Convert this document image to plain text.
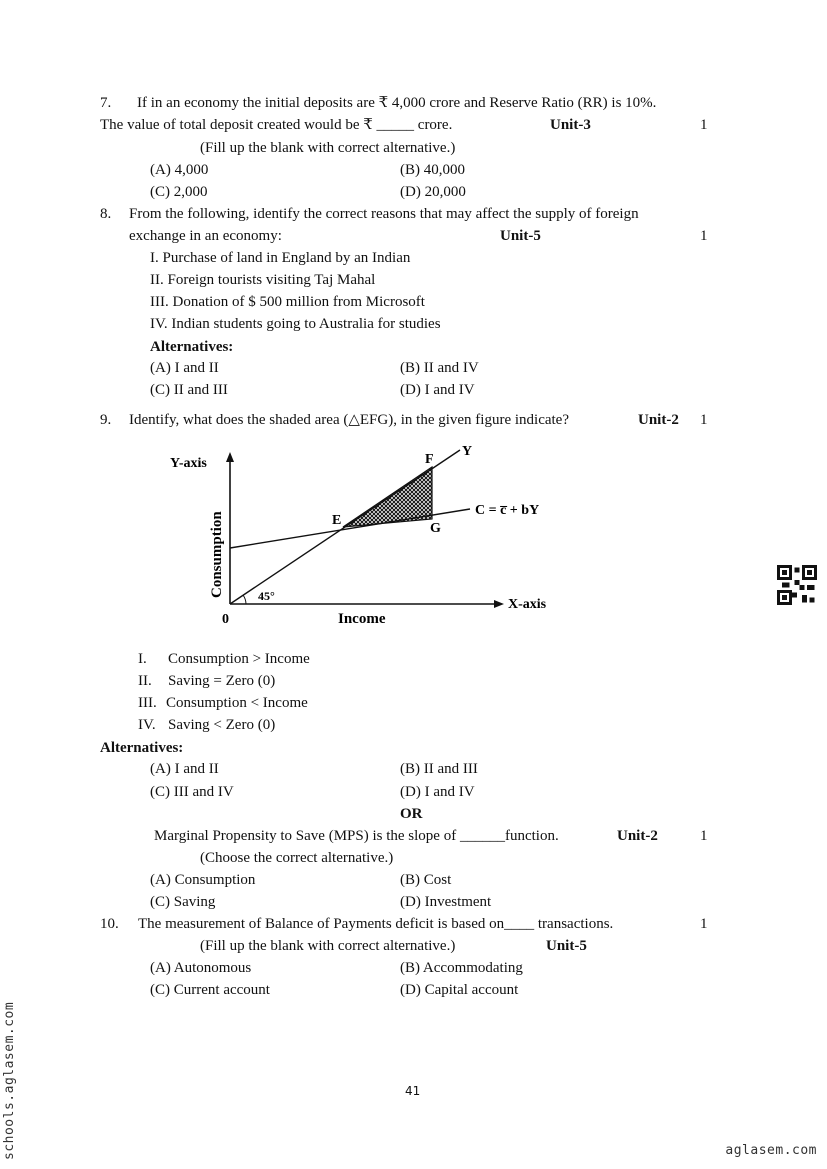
7. If in an economy the initial deposits are ₹ 4,000 crore and Reserve Ratio (RR) is 10%.
The value of total deposit created would be ₹ _____ crore.	Unit-3	1
(Fill up the blank with correct alternative.)
(A) 4,000	(B) 40,000
(C) 2,000	(D) 20,000
8. From the following, identify the correct reasons that may affect the supply of foreign
exchange in an economy:	Unit-5	1
I. Purchase of land in England by an Indian
II. Foreign tourists visiting Taj Mahal
III. Donation of $ 500 million from Microsoft
IV. Indian students going to Australia for studies
Alternatives:
(A) I and II	(B) II and IV
(C) II and III	(D) I and IV
9. Identify, what does the shaded area (△EFG), in the given figure indicate?	Unit-2 1
Y-axis
X-axis
Consumption
Income
0
45°
E
F
G
Y
C = c̅ + bY
I. Consumption > Income
II. Saving = Zero (0)
III. Consumption < Income
IV. Saving < Zero (0)
Alternatives:
(A) I and II	(B) II and III
(C) III and IV	(D) I and IV
OR
Marginal Propensity to Save (MPS) is the slope of ______function.	Unit-2	1
(Choose the correct alternative.)
(A) Consumption	(B) Cost
(C) Saving	(D) Investment
10. The measurement of Balance of Payments deficit is based on____ transactions.	1
(Fill up the blank with correct alternative.)	Unit-5
(A) Autonomous	(B) Accommodating
(C) Current account	(D) Capital account
41
schools.aglasem.com	aglasem.com
